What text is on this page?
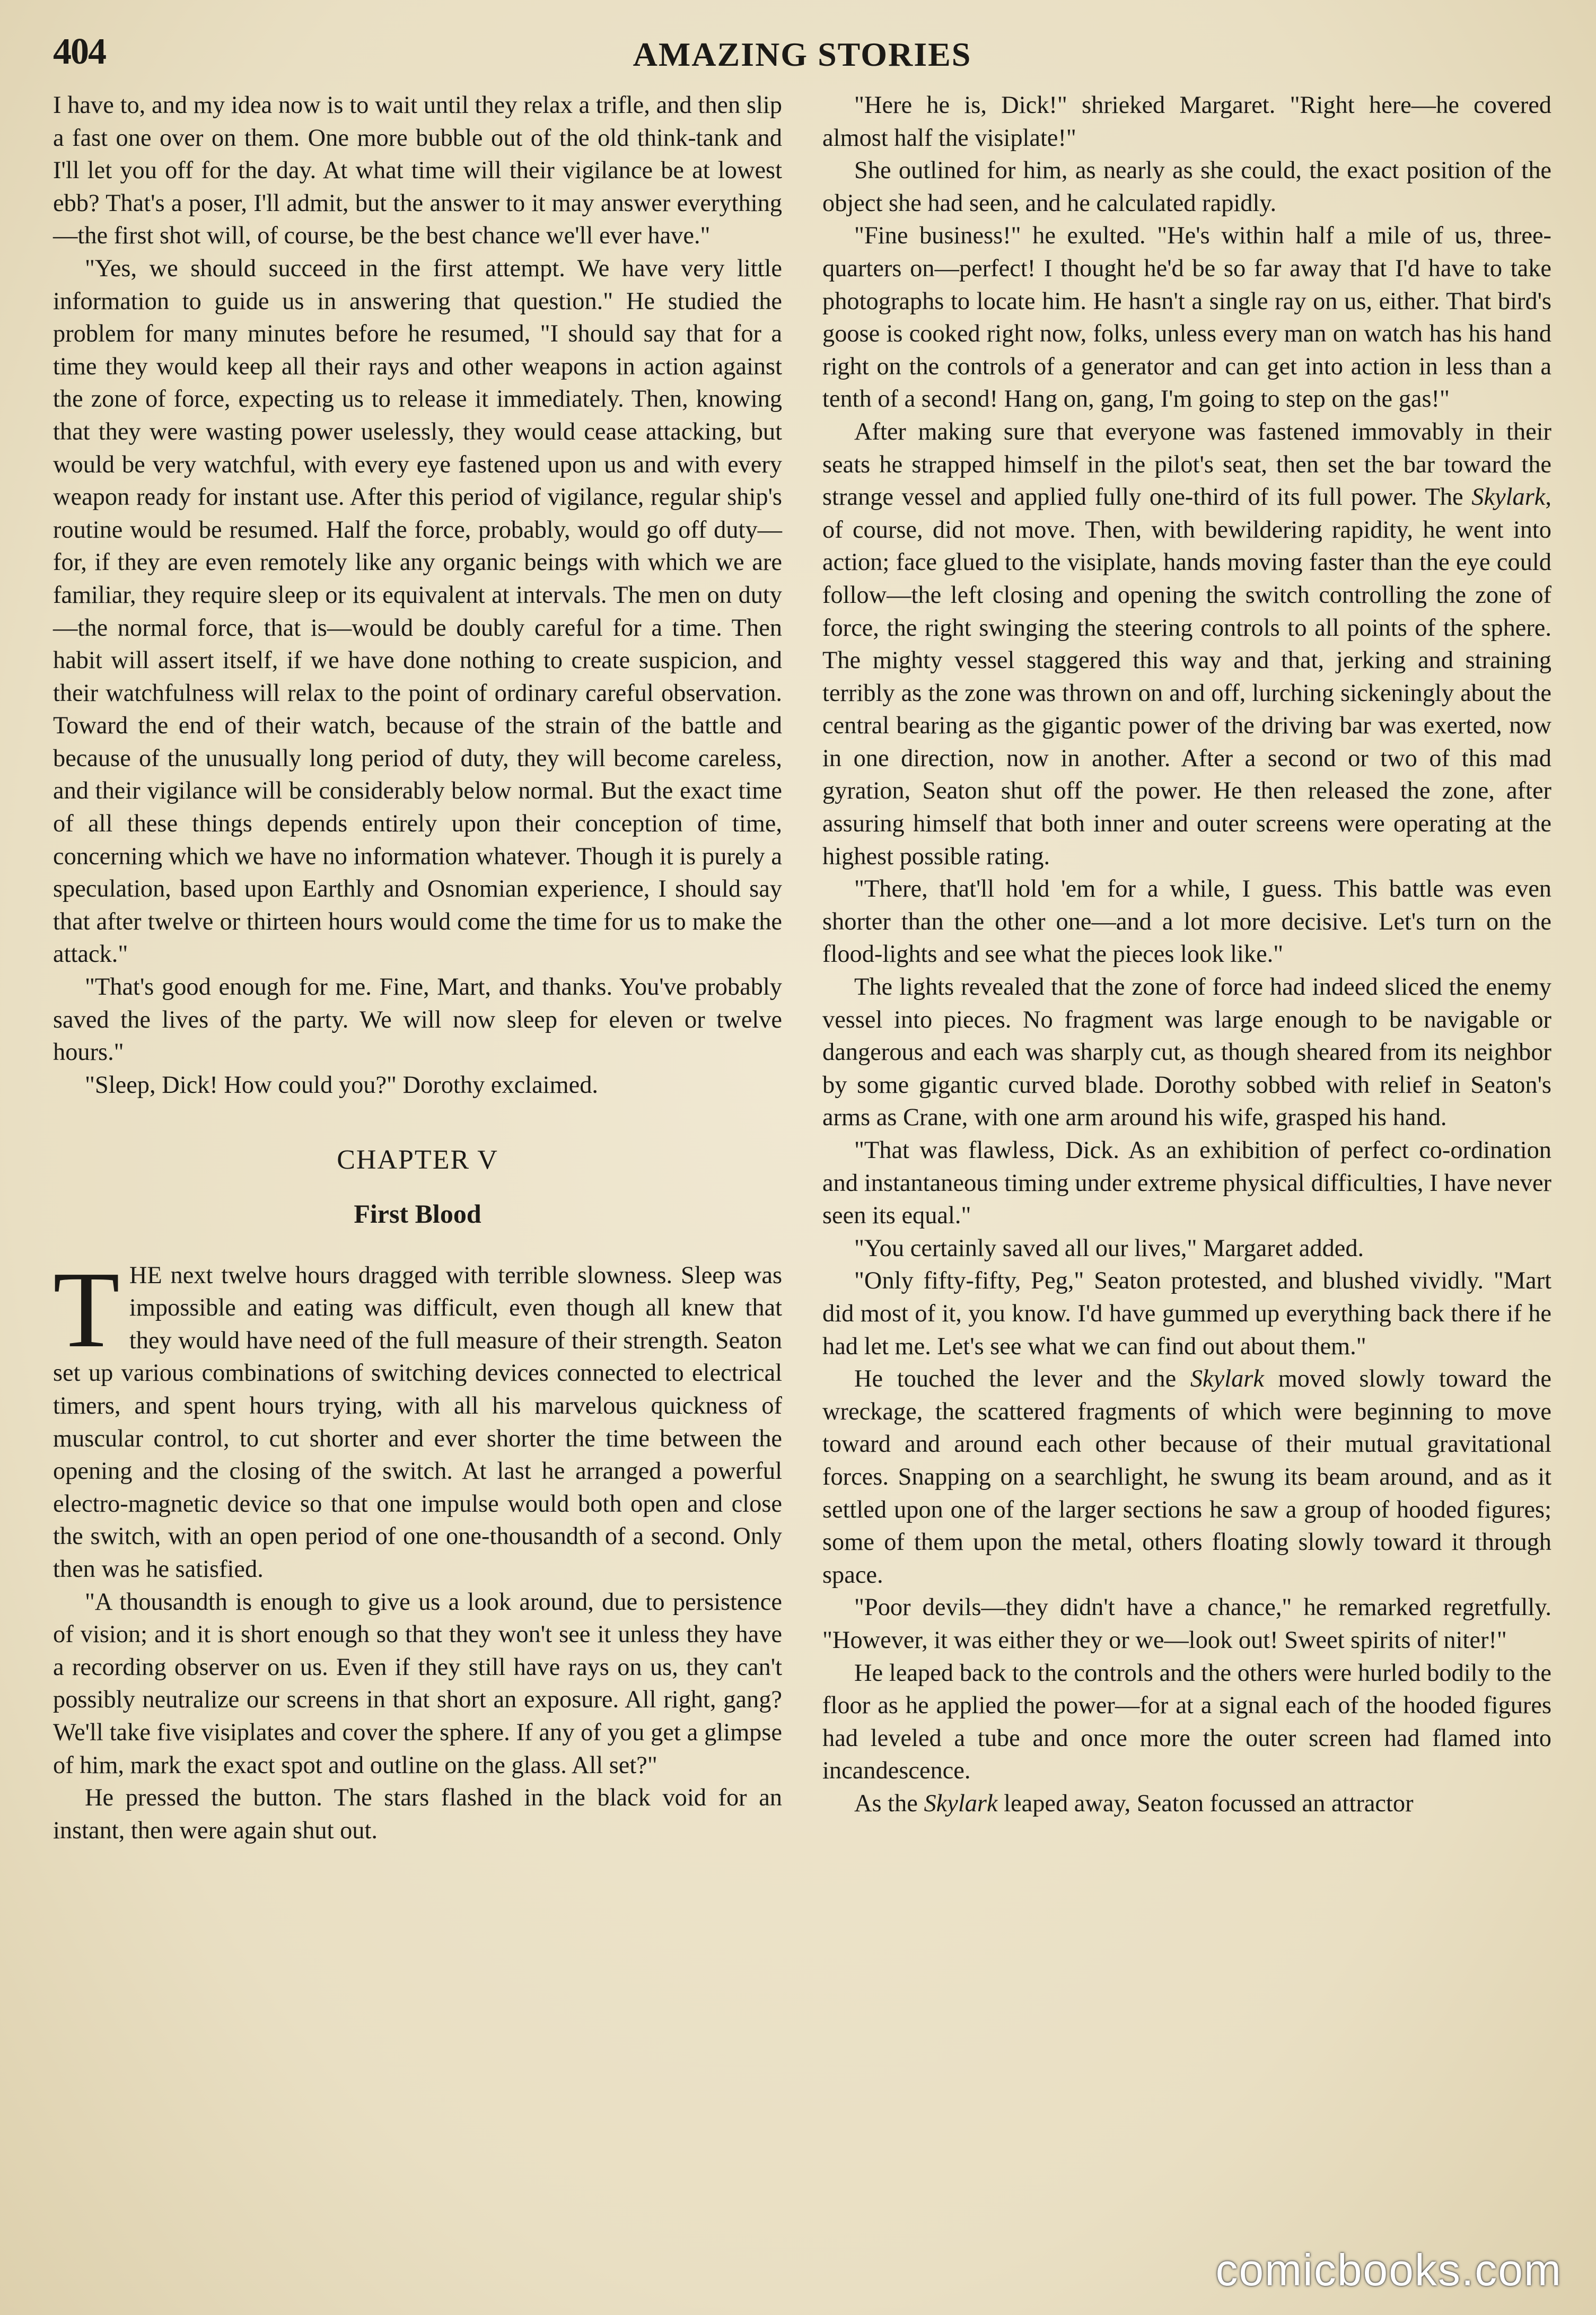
404	AMAZING STORIES

I have to, and my idea now is to wait until they relax a trifle, and then slip a fast one over on them. One more bubble out of the old think-tank and I'll let you off for the day. At what time will their vigilance be at lowest ebb? That's a poser, I'll admit, but the answer to it may answer everything—the first shot will, of course, be the best chance we'll ever have."

"Yes, we should succeed in the first attempt. We have very little information to guide us in answering that question." He studied the problem for many minutes before he resumed, "I should say that for a time they would keep all their rays and other weapons in action against the zone of force, expecting us to release it immediately. Then, knowing that they were wasting power uselessly, they would cease attacking, but would be very watchful, with every eye fastened upon us and with every weapon ready for instant use. After this period of vigilance, regular ship's routine would be resumed. Half the force, probably, would go off duty—for, if they are even remotely like any organic beings with which we are familiar, they require sleep or its equivalent at intervals. The men on duty—the normal force, that is—would be doubly careful for a time. Then habit will assert itself, if we have done nothing to create suspicion, and their watchfulness will relax to the point of ordinary careful observation. Toward the end of their watch, because of the strain of the battle and because of the unusually long period of duty, they will become careless, and their vigilance will be considerably below normal. But the exact time of all these things depends entirely upon their conception of time, concerning which we have no information whatever. Though it is purely a speculation, based upon Earthly and Osnomian experience, I should say that after twelve or thirteen hours would come the time for us to make the attack."

"That's good enough for me. Fine, Mart, and thanks. You've probably saved the lives of the party. We will now sleep for eleven or twelve hours."

"Sleep, Dick! How could you?" Dorothy exclaimed.

CHAPTER V
First Blood

THE next twelve hours dragged with terrible slowness. Sleep was impossible and eating was difficult, even though all knew that they would have need of the full measure of their strength. Seaton set up various combinations of switching devices connected to electrical timers, and spent hours trying, with all his marvelous quickness of muscular control, to cut shorter and ever shorter the time between the opening and the closing of the switch. At last he arranged a powerful electro-magnetic device so that one impulse would both open and close the switch, with an open period of one one-thousandth of a second. Only then was he satisfied.

"A thousandth is enough to give us a look around, due to persistence of vision; and it is short enough so that they won't see it unless they have a recording observer on us. Even if they still have rays on us, they can't possibly neutralize our screens in that short an exposure. All right, gang? We'll take five visiplates and cover the sphere. If any of you get a glimpse of him, mark the exact spot and outline on the glass. All set?"

He pressed the button. The stars flashed in the black void for an instant, then were again shut out.

"Here he is, Dick!" shrieked Margaret. "Right here—he covered almost half the visiplate!"

She outlined for him, as nearly as she could, the exact position of the object she had seen, and he calculated rapidly.

"Fine business!" he exulted. "He's within half a mile of us, three-quarters on—perfect! I thought he'd be so far away that I'd have to take photographs to locate him. He hasn't a single ray on us, either. That bird's goose is cooked right now, folks, unless every man on watch has his hand right on the controls of a generator and can get into action in less than a tenth of a second! Hang on, gang, I'm going to step on the gas!"

After making sure that everyone was fastened immovably in their seats he strapped himself in the pilot's seat, then set the bar toward the strange vessel and applied fully one-third of its full power. The Skylark, of course, did not move. Then, with bewildering rapidity, he went into action; face glued to the visiplate, hands moving faster than the eye could follow—the left closing and opening the switch controlling the zone of force, the right swinging the steering controls to all points of the sphere. The mighty vessel staggered this way and that, jerking and straining terribly as the zone was thrown on and off, lurching sickeningly about the central bearing as the gigantic power of the driving bar was exerted, now in one direction, now in another. After a second or two of this mad gyration, Seaton shut off the power. He then released the zone, after assuring himself that both inner and outer screens were operating at the highest possible rating.

"There, that'll hold 'em for a while, I guess. This battle was even shorter than the other one—and a lot more decisive. Let's turn on the flood-lights and see what the pieces look like."

The lights revealed that the zone of force had indeed sliced the enemy vessel into pieces. No fragment was large enough to be navigable or dangerous and each was sharply cut, as though sheared from its neighbor by some gigantic curved blade. Dorothy sobbed with relief in Seaton's arms as Crane, with one arm around his wife, grasped his hand.

"That was flawless, Dick. As an exhibition of perfect co-ordination and instantaneous timing under extreme physical difficulties, I have never seen its equal."

"You certainly saved all our lives," Margaret added.

"Only fifty-fifty, Peg," Seaton protested, and blushed vividly. "Mart did most of it, you know. I'd have gummed up everything back there if he had let me. Let's see what we can find out about them."

He touched the lever and the Skylark moved slowly toward the wreckage, the scattered fragments of which were beginning to move toward and around each other because of their mutual gravitational forces. Snapping on a searchlight, he swung its beam around, and as it settled upon one of the larger sections he saw a group of hooded figures; some of them upon the metal, others floating slowly toward it through space.

"Poor devils—they didn't have a chance," he remarked regretfully. "However, it was either they or we—look out! Sweet spirits of niter!"

He leaped back to the controls and the others were hurled bodily to the floor as he applied the power—for at a signal each of the hooded figures had leveled a tube and once more the outer screen had flamed into incandescence.

As the Skylark leaped away, Seaton focussed an attractor

comicbooks.com
